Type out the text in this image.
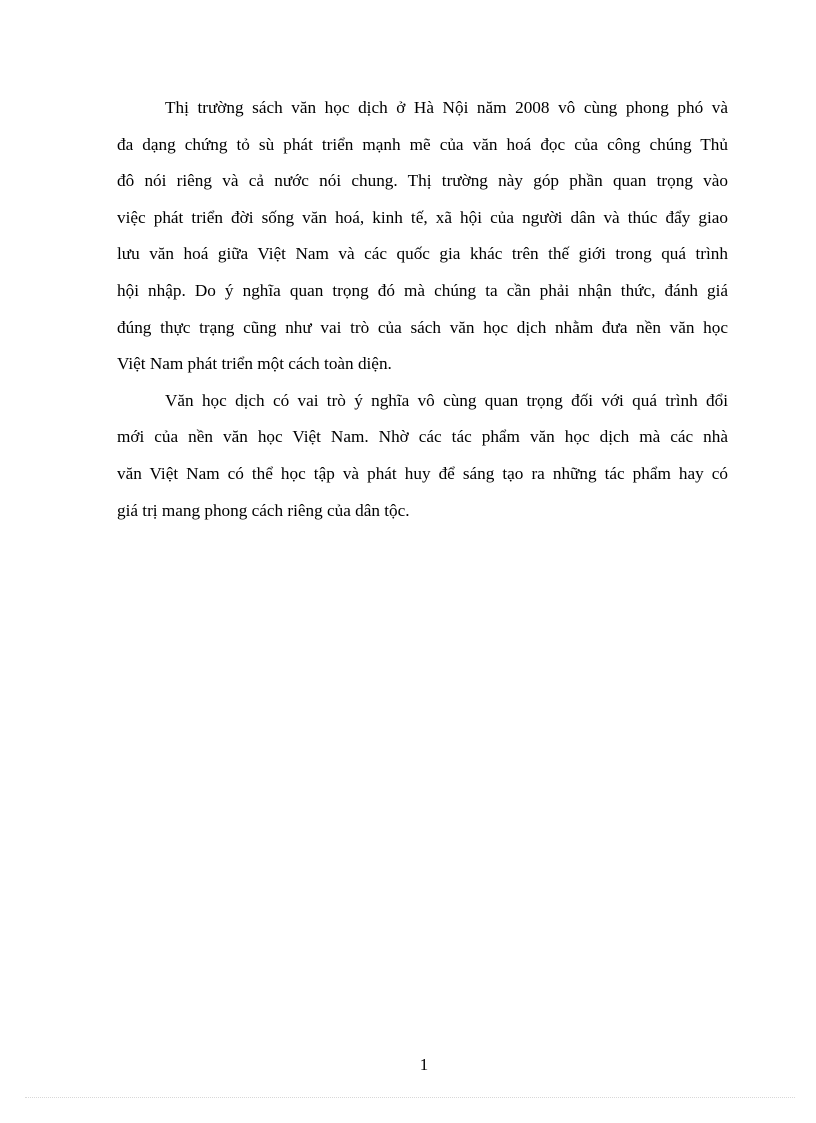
Thị trường sách văn học dịch ở Hà Nội năm 2008 vô cùng phong phó và
đa dạng chứng tỏ sù phát triển mạnh mẽ của văn hoá đọc của công chúng Thủ
đô nói riêng và cả nước nói chung. Thị trường này góp phần quan trọng vào
việc phát triển đời sống văn hoá, kinh tế, xã hội của người dân và thúc đẩy giao
lưu văn hoá giữa Việt Nam và các quốc gia khác trên thế giới trong quá trình
hội nhập. Do ý nghĩa quan trọng đó mà chúng ta cần phải nhận thức, đánh giá
đúng thực trạng cũng như vai trò của sách văn học dịch nhằm đưa nền văn học
Việt Nam phát triển một cách toàn diện.
Văn học dịch có vai trò ý nghĩa vô cùng quan trọng đối với quá trình đổi
mới của nền văn học Việt Nam. Nhờ các tác phẩm văn học dịch mà các nhà
văn Việt Nam có thể học tập và phát huy để sáng tạo ra những tác phẩm hay có
giá trị mang phong cách riêng của dân tộc.
1
